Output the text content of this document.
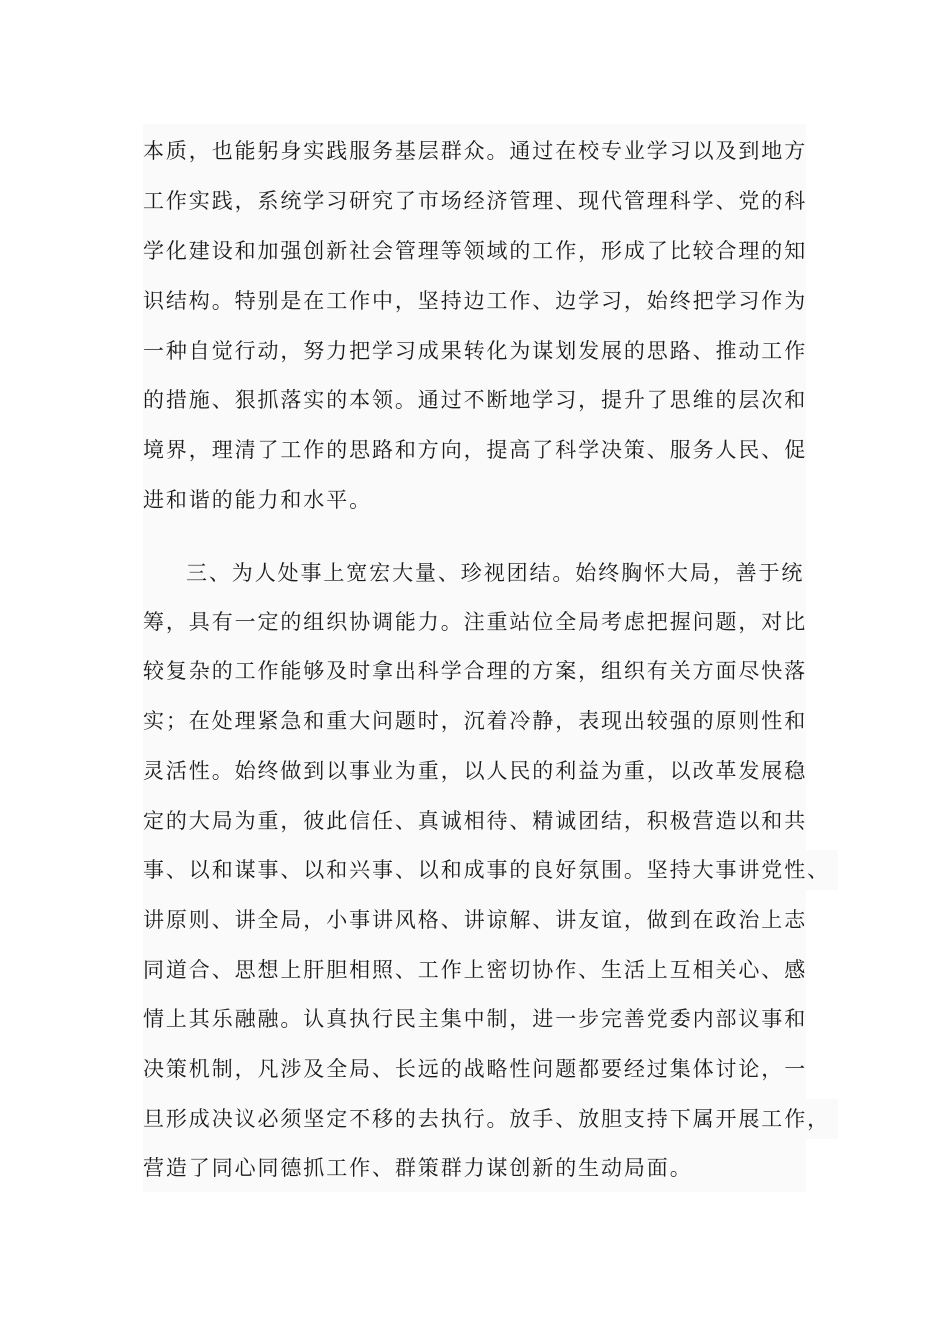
本质，也能躬身实践服务基层群众。通过在校专业学习以及到地方
工作实践，系统学习研究了市场经济管理、现代管理科学、党的科
学化建设和加强创新社会管理等领域的工作，形成了比较合理的知
识结构。特别是在工作中，坚持边工作、边学习，始终把学习作为
一种自觉行动，努力把学习成果转化为谋划发展的思路、推动工作
的措施、狠抓落实的本领。通过不断地学习，提升了思维的层次和
境界，理清了工作的思路和方向，提高了科学决策、服务人民、促
进和谐的能力和水平。
三、为人处事上宽宏大量、珍视团结。始终胸怀大局，善于统
筹，具有一定的组织协调能力。注重站位全局考虑把握问题，对比
较复杂的工作能够及时拿出科学合理的方案，组织有关方面尽快落
实；在处理紧急和重大问题时，沉着冷静，表现出较强的原则性和
灵活性。始终做到以事业为重，以人民的利益为重，以改革发展稳
定的大局为重，彼此信任、真诚相待、精诚团结，积极营造以和共
事、以和谋事、以和兴事、以和成事的良好氛围。坚持大事讲党性、
讲原则、讲全局，小事讲风格、讲谅解、讲友谊，做到在政治上志
同道合、思想上肝胆相照、工作上密切协作、生活上互相关心、感
情上其乐融融。认真执行民主集中制，进一步完善党委内部议事和
决策机制，凡涉及全局、长远的战略性问题都要经过集体讨论，一
旦形成决议必须坚定不移的去执行。放手、放胆支持下属开展工作，
营造了同心同德抓工作、群策群力谋创新的生动局面。
